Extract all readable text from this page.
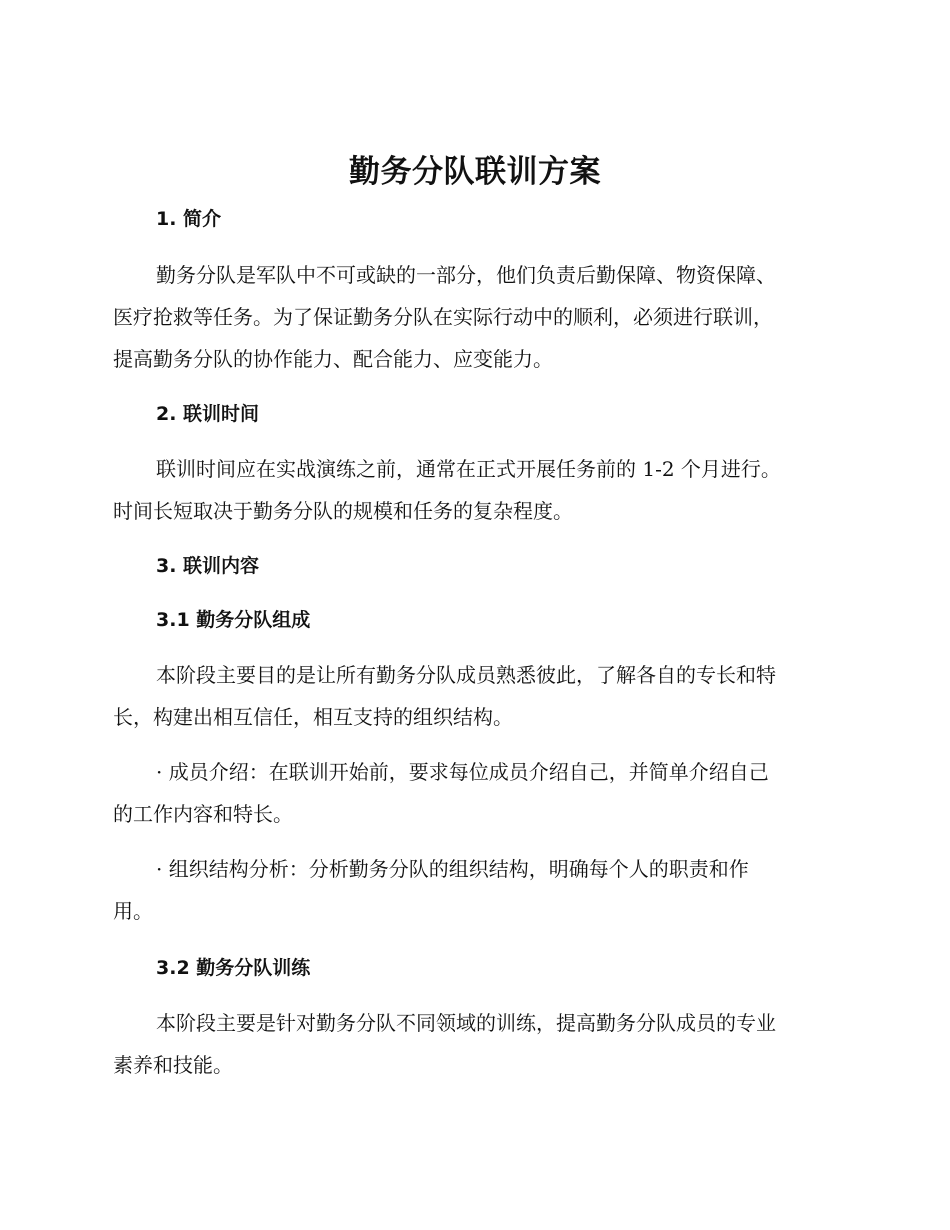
勤务分队联训方案
1. 简介

勤务分队是军队中不可或缺的一部分，他们负责后勤保障、物资保障、
医疗抢救等任务。为了保证勤务分队在实际行动中的顺利，必须进行联训，
提高勤务分队的协作能力、配合能力、应变能力。

2. 联训时间

联训时间应在实战演练之前，通常在正式开展任务前的 1-2 个月进行。
时间长短取决于勤务分队的规模和任务的复杂程度。

3. 联训内容
3.1 勤务分队组成

本阶段主要目的是让所有勤务分队成员熟悉彼此，了解各自的专长和特
长，构建出相互信任，相互支持的组织结构。

· 成员介绍：在联训开始前，要求每位成员介绍自己，并简单介绍自己
的工作内容和特长。

· 组织结构分析：分析勤务分队的组织结构，明确每个人的职责和作
用。

3.2 勤务分队训练

本阶段主要是针对勤务分队不同领域的训练，提高勤务分队成员的专业
素养和技能。
